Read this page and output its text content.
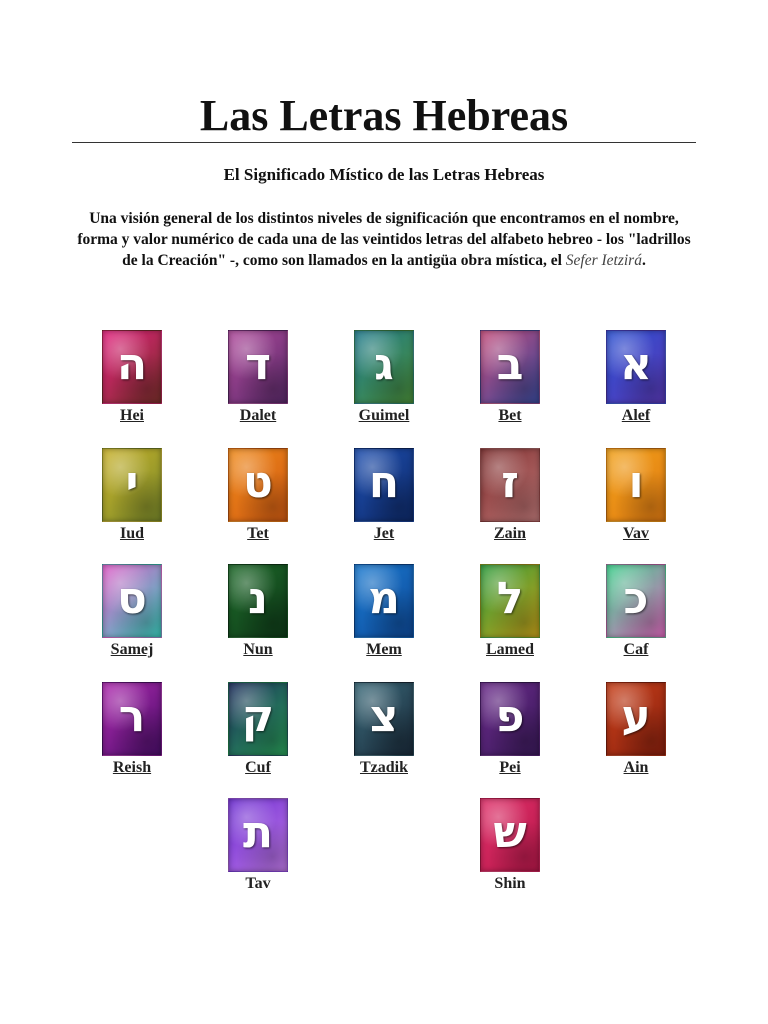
Las Letras Hebreas
El Significado Místico de las Letras Hebreas
Una visión general de los distintos niveles de significación que encontramos en el nombre, forma y valor numérico de cada una de las veintidos letras del alfabeto hebreo - los "ladrillos de la Creación" -, como son llamados en la antigüa obra mística, el Sefer Ietzirá.
ה
Hei
ד
Dalet
ג
Guimel
ב
Bet
א
Alef
י
Iud
ט
Tet
ח
Jet
ז
Zain
ו
Vav
ס
Samej
נ
Nun
מ
Mem
ל
Lamed
כ
Caf
ר
Reish
ק
Cuf
צ
Tzadik
פ
Pei
ע
Ain
ת
Tav
ש
Shin
